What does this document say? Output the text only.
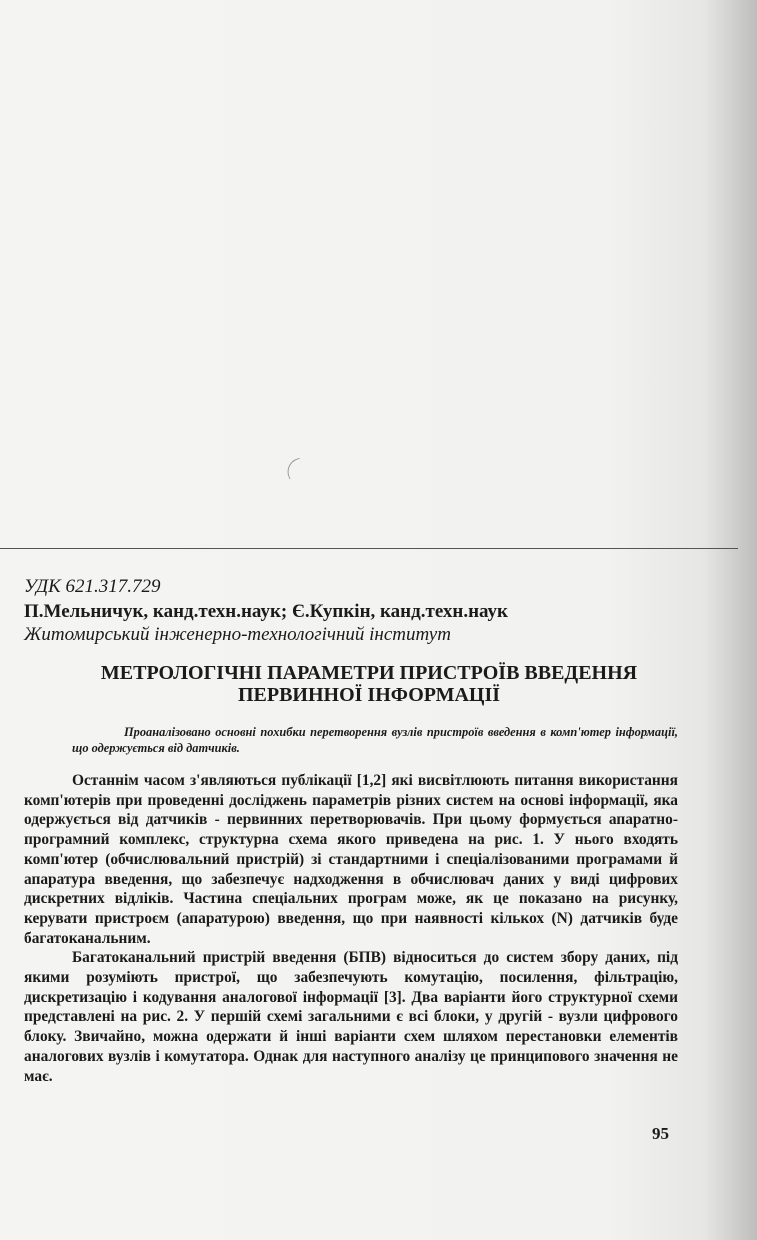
УДК 621.317.729
П.Мельничук, канд.техн.наук; Є.Купкін, канд.техн.наук
Житомирський інженерно-технологічний інститут
МЕТРОЛОГІЧНІ ПАРАМЕТРИ ПРИСТРОЇВ ВВЕДЕННЯ
ПЕРВИННОЇ ІНФОРМАЦІЇ
Проаналізовано основні похибки перетворення вузлів пристроїв введення в комп'ютер інформації, що одержується від датчиків.

Останнім часом з'являються публікації [1,2] які висвітлюють питання використання комп'ютерів при проведенні досліджень параметрів різних систем на основі інформації, яка одержується від датчиків - первинних перетворювачів. При цьому формується апаратно-програмний комплекс, структурна схема якого приведена на рис. 1. У нього входять комп'ютер (обчислювальний пристрій) зі стандартними і спеціалізованими програмами й апаратура введення, що забезпечує надходження в обчислювач даних у виді цифрових дискретних відліків. Частина спеціальних програм може, як це показано на рисунку, керувати пристроєм (апаратурою) введення, що при наявності кількох (N) датчиків буде багатоканальним.

Багатоканальний пристрій введення (БПВ) відноситься до систем збору даних, під якими розуміють пристрої, що забезпечують комутацію, посилення, фільтрацію, дискретизацію і кодування аналогової інформації [3]. Два варіанти його структурної схеми представлені на рис. 2. У першій схемі загальними є всі блоки, у другій - вузли цифрового блоку. Звичайно, можна одержати й інші варіанти схем шляхом перестановки елементів аналогових вузлів і комутатора. Однак для наступного аналізу це принципового значення не має.

95
